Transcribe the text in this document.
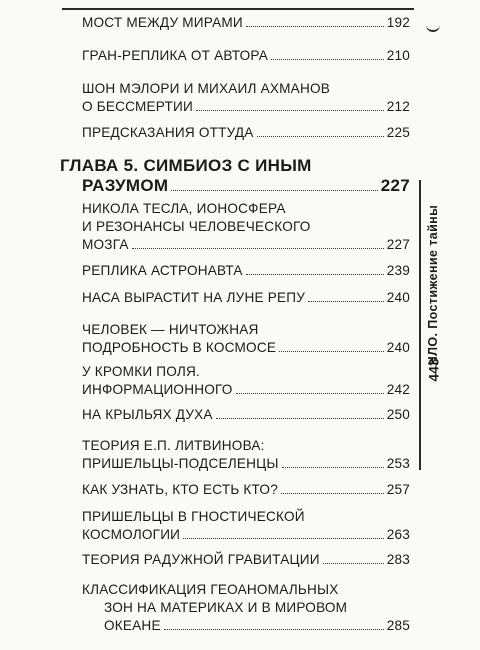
МОСТ МЕЖДУ МИРАМИ	192
ГРАН-РЕПЛИКА ОТ АВТОРА	210
ШОН МЭЛОРИ И МИХАИЛ АХМАНОВ
О БЕССМЕРТИИ	212
ПРЕДСКАЗАНИЯ ОТТУДА	225
ГЛАВА 5. СИМБИОЗ С ИНЫМ
РАЗУМОМ	227
НИКОЛА ТЕСЛА, ИОНОСФЕРА
И РЕЗОНАНСЫ ЧЕЛОВЕЧЕСКОГО
МОЗГА	227
РЕПЛИКА АСТРОНАВТА	239
НАСА ВЫРАСТИТ НА ЛУНЕ РЕПУ	240
ЧЕЛОВЕК — НИЧТОЖНАЯ
ПОДРОБНОСТЬ В КОСМОСЕ	240
У КРОМКИ ПОЛЯ.
ИНФОРМАЦИОННОГО	242
НА КРЫЛЬЯХ ДУХА	250
ТЕОРИЯ Е.П. ЛИТВИНОВА:
ПРИШЕЛЬЦЫ-ПОДСЕЛЕНЦЫ	253
КАК УЗНАТЬ, КТО ЕСТЬ КТО?	257
ПРИШЕЛЬЦЫ В ГНОСТИЧЕСКОЙ
КОСМОЛОГИИ	263
ТЕОРИЯ РАДУЖНОЙ ГРАВИТАЦИИ	283
КЛАССИФИКАЦИЯ ГЕОАНОМАЛЬНЫХ
ЗОН НА МАТЕРИКАХ И В МИРОВОМ
ОКЕАНЕ	285
НЛО. Постижение тайны
443
